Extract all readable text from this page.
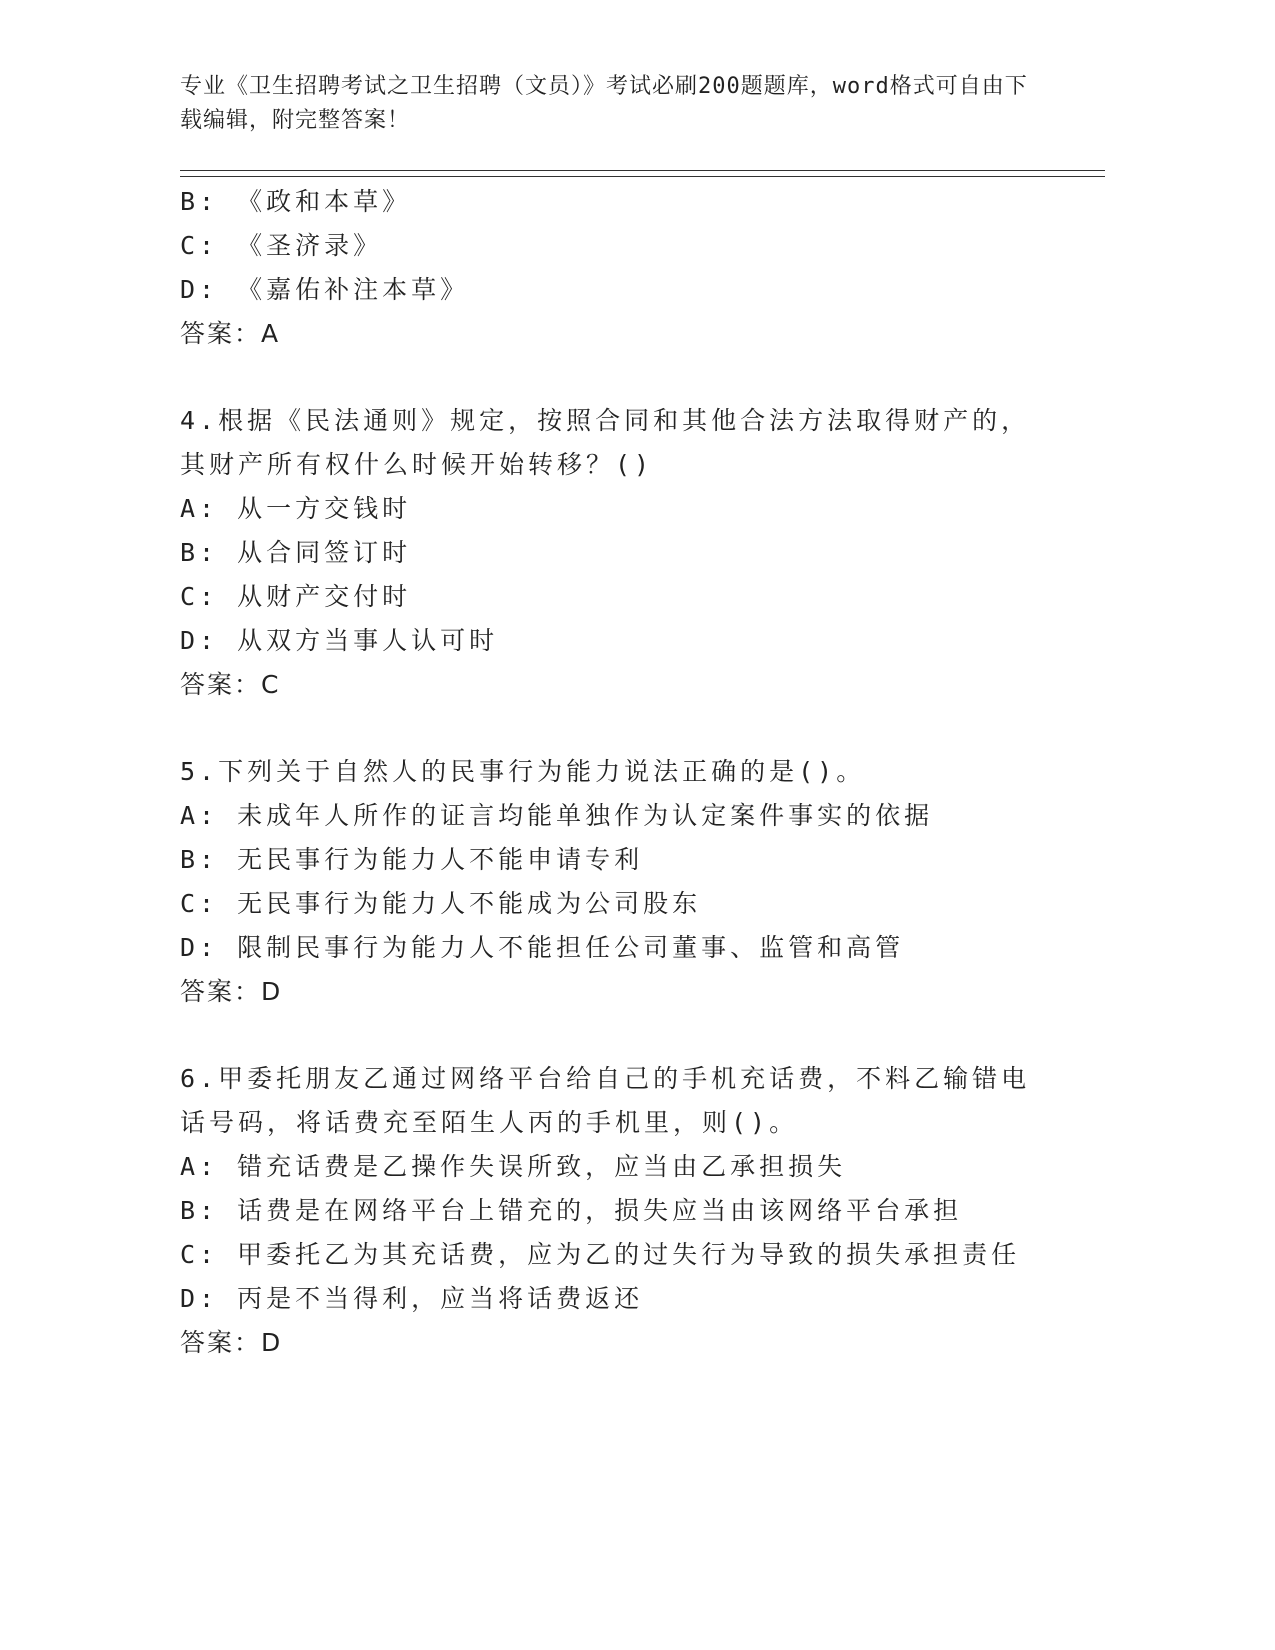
专业《卫生招聘考试之卫生招聘（文员）》考试必刷200题题库，word格式可自由下载编辑，附完整答案！
B: 《政和本草》
C: 《圣济录》
D: 《嘉佑补注本草》
答案：A
4.根据《民法通则》规定，按照合同和其他合法方法取得财产的，其财产所有权什么时候开始转移？()
A: 从一方交钱时
B: 从合同签订时
C: 从财产交付时
D: 从双方当事人认可时
答案：C
5.下列关于自然人的民事行为能力说法正确的是()。
A: 未成年人所作的证言均能单独作为认定案件事实的依据
B: 无民事行为能力人不能申请专利
C: 无民事行为能力人不能成为公司股东
D: 限制民事行为能力人不能担任公司董事、监管和高管
答案：D
6.甲委托朋友乙通过网络平台给自己的手机充话费，不料乙输错电话号码，将话费充至陌生人丙的手机里，则()。
A: 错充话费是乙操作失误所致，应当由乙承担损失
B: 话费是在网络平台上错充的，损失应当由该网络平台承担
C: 甲委托乙为其充话费，应为乙的过失行为导致的损失承担责任
D: 丙是不当得利，应当将话费返还
答案：D
